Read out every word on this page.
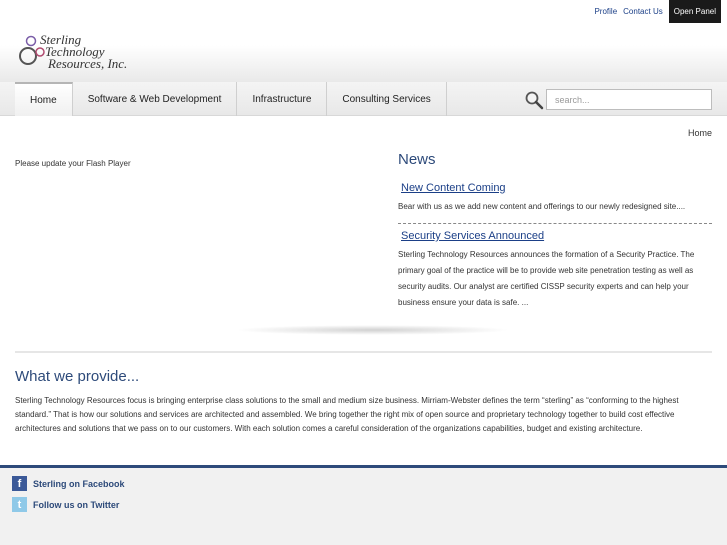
Profile Contact Us	Open Panel
Sterling
Technology
Resources, Inc.
Home	Software & Web Development	Infrastructure	Consulting Services
search...
Home
Please update your Flash Player	News
New Content Coming

Bear with us as we add new content and offerings to our newly redesigned site....

Security Services Announced

Sterling Technology Resources announces the formation of a Security Practice. The primary goal of the practice will be to provide web site penetration testing as well as security audits. Our analyst are certified CISSP security experts and can help your business ensure your data is safe. ...

What we provide...

Sterling Technology Resources focus is bringing enterprise class solutions to the small and medium size business. Mirriam-Webster defines the term “sterling” as “conforming to the highest standard.” That is how our solutions and services are architected and assembled. We bring together the right mix of open source and proprietary technology together to build cost effective architectures and solutions that we pass on to our customers. With each solution comes a careful consideration of the organizations capabilities, budget and existing architecture.

f	Sterling on Facebook
t	Follow us on Twitter
